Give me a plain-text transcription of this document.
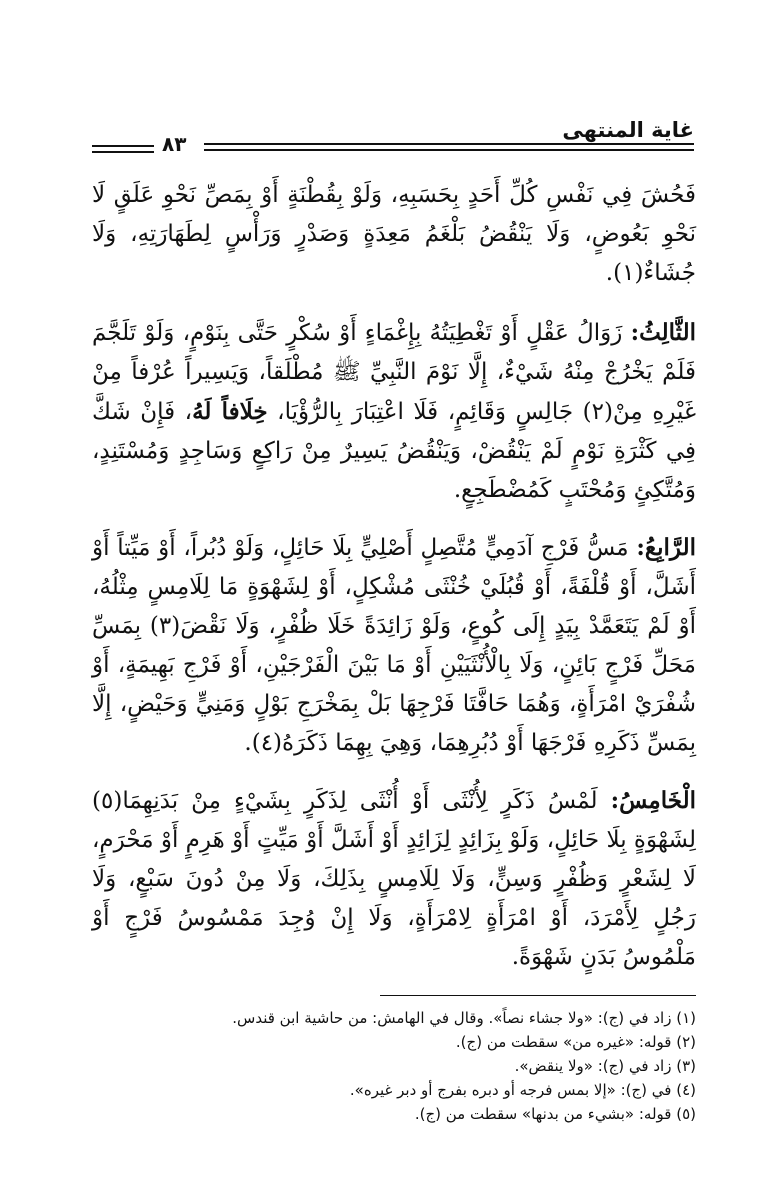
غاية المنتهى
٨٣

فَحُشَ فِي نَفْسِ كُلِّ أَحَدٍ بِحَسَبِهِ، وَلَوْ بِقُطْنَةٍ أَوْ بِمَصِّ نَحْوِ عَلَقٍ لَا نَحْوِ بَعُوضٍ، وَلَا يَنْقُضُ بَلْغَمُ مَعِدَةٍ وَصَدْرٍ وَرَأْسٍ لِطَهَارَتِهِ، وَلَا جُشَاءٌ(١).

الثَّالِثُ: زَوَالُ عَقْلٍ أَوْ تَغْطِيَتُهُ بِإِغْمَاءٍ أَوْ سُكْرٍ حَتَّى بِنَوْمٍ، وَلَوْ تَلَجَّمَ فَلَمْ يَخْرُجْ مِنْهُ شَيْءٌ، إِلَّا نَوْمَ النَّبِيِّ ﷺ مُطْلَقاً، وَيَسِيراً عُرْفاً مِنْ غَيْرِهِ مِنْ(٢) جَالِسٍ وَقَائِمٍ، فَلَا اعْتِبَارَ بِالرُّؤْيَا، خِلَافاً لَهُ، فَإِنْ شَكَّ فِي كَثْرَةِ نَوْمٍ لَمْ يَنْقُضْ، وَيَنْقُضُ يَسِيرٌ مِنْ رَاكِعٍ وَسَاجِدٍ وَمُسْتَنِدٍ، وَمُتَّكِئٍ وَمُحْتَبٍ كَمُضْطَجِعٍ.

الرَّابِعُ: مَسُّ فَرْجِ آدَمِيٍّ مُتَّصِلٍ أَصْلِيٍّ بِلَا حَائِلٍ، وَلَوْ دُبُراً، أَوْ مَيِّتاً أَوْ أَشَلَّ، أَوْ قُلْفَةً، أَوْ قُبُلَيْ خُنْثَى مُشْكِلٍ، أَوْ لِشَهْوَةٍ مَا لِلَامِسٍ مِثْلُهُ، أَوْ لَمْ يَتَعَمَّدْ بِيَدٍ إِلَى كُوعٍ، وَلَوْ زَائِدَةً خَلَا ظُفْرٍ، وَلَا نَقْضَ(٣) بِمَسِّ مَحَلِّ فَرْجٍ بَائِنٍ، وَلَا بِالْأُنْثَيَيْنِ أَوْ مَا بَيْنَ الْفَرْجَيْنِ، أَوْ فَرْجِ بَهِيمَةٍ، أَوْ شُفْرَيْ امْرَأَةٍ، وَهُمَا حَافَّتَا فَرْجِهَا بَلْ بِمَخْرَجِ بَوْلٍ وَمَنِيٍّ وَحَيْضٍ، إِلَّا بِمَسِّ ذَكَرِهِ فَرْجَهَا أَوْ دُبُرِهِمَا، وَهِيَ بِهِمَا ذَكَرَهُ(٤).

الْخَامِسُ: لَمْسُ ذَكَرٍ لِأُنْثَى أَوْ أُنْثَى لِذَكَرٍ بِشَيْءٍ مِنْ بَدَنِهِمَا(٥) لِشَهْوَةٍ بِلَا حَائِلٍ، وَلَوْ بِزَائِدٍ لِزَائِدٍ أَوْ أَشَلَّ أَوْ مَيِّتٍ أَوْ هَرِمٍ أَوْ مَحْرَمٍ، لَا لِشَعْرٍ وَظُفْرٍ وَسِنٍّ، وَلَا لِلَامِسٍ بِذَلِكَ، وَلَا مِنْ دُونَ سَبْعٍ، وَلَا رَجُلٍ لِأَمْرَدَ، أَوْ امْرَأَةٍ لِامْرَأَةٍ، وَلَا إِنْ وُجِدَ مَمْسُوسُ فَرْجٍ أَوْ مَلْمُوسُ بَدَنٍ شَهْوَةً.

(١) زاد في (ج): «ولا جشاء نصاً». وقال في الهامش: من حاشية ابن قندس.

(٢) قوله: «غيره من» سقطت من (ج).

(٣) زاد في (ج): «ولا ينقض».

(٤) في (ج): «إلا بمس فرجه أو دبره بفرج أو دبر غيره».

(٥) قوله: «بشيء من بدنها» سقطت من (ج).
